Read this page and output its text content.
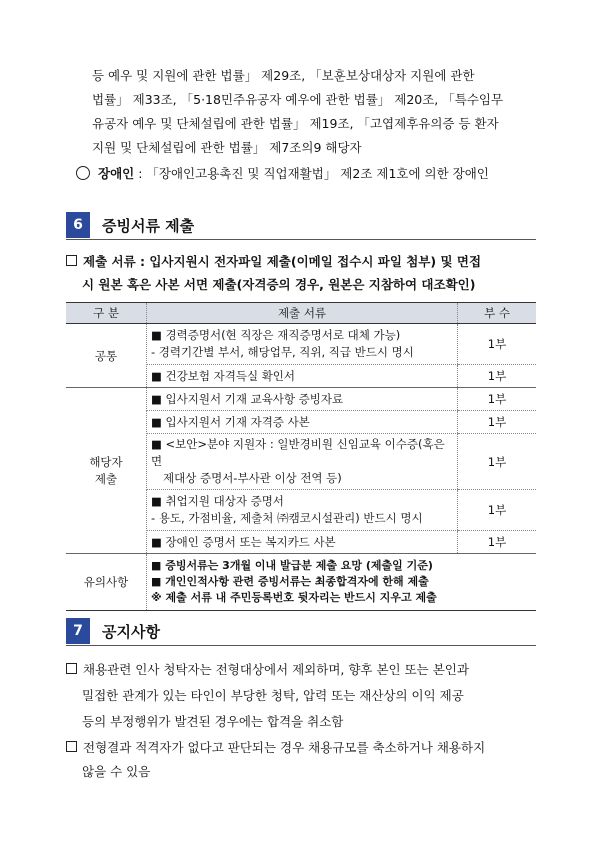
등 예우 및 지원에 관한 법률」 제29조, 「보훈보상대상자 지원에 관한
법률」 제33조, 「5·18민주유공자 예우에 관한 법률」 제20조, 「특수임무
유공자 예우 및 단체설립에 관한 법률」 제19조, 「고엽제후유의증 등 환자
지원 및 단체설립에 관한 법률」 제7조의9 해당자
장애인 : 「장애인고용촉진 및 직업재활법」 제2조 제1호에 의한 장애인
6	증빙서류 제출
제출 서류 : 입사지원시 전자파일 제출(이메일 접수시 파일 첨부) 및 면접
시 원본 혹은 사본 서면 제출(자격증의 경우, 원본은 지참하여 대조확인)
구 분	제출 서류	부 수
공통	■ 경력증명서(현 직장은 재직증명서로 대체 가능)
- 경력기간별 부서, 해당업무, 직위, 직급 반드시 명시	1부

	■ 건강보험 자격득실 확인서	1부

해당자
제출	■ 입사지원서 기재 교육사항 증빙자료	1부

	■ 입사지원서 기재 자격증 사본	1부

	■ <보안>분야 지원자 : 일반경비원 신임교육 이수증(혹은 면
제대상 증명서-부사관 이상 전역 등)	1부

	■ 취업지원 대상자 증명서
- 용도, 가점비율, 제출처 ㈜캠코시설관리) 반드시 명시	1부

	■ 장애인 증명서 또는 복지카드 사본	1부
유의사항	■ 증빙서류는 3개월 이내 발급분 제출 요망 (제출일 기준)
■ 개인인적사항 관련 증빙서류는 최종합격자에 한해 제출
※ 제출 서류 내 주민등록번호 뒷자리는 반드시 지우고 제출	
7	공지사항
채용관련 인사 청탁자는 전형대상에서 제외하며, 향후 본인 또는 본인과
밀접한 관계가 있는 타인이 부당한 청탁, 압력 또는 재산상의 이익 제공
등의 부정행위가 발견된 경우에는 합격을 취소함
전형결과 적격자가 없다고 판단되는 경우 채용규모를 축소하거나 채용하지
않을 수 있음
